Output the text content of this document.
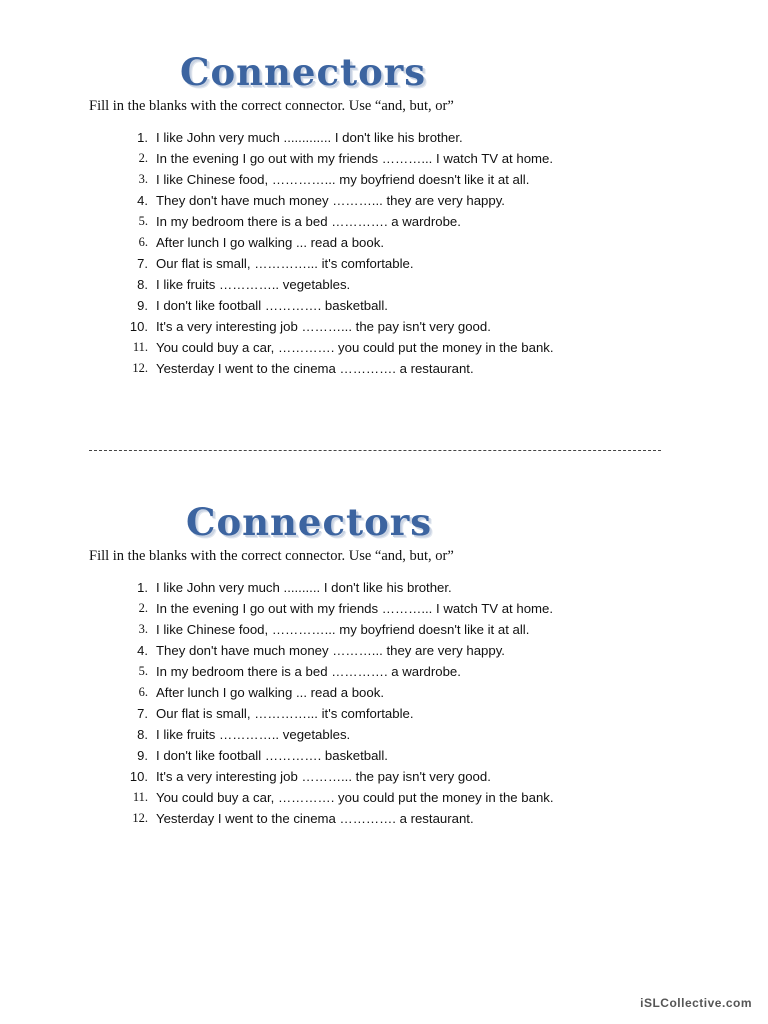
Connectors

Fill in the blanks with the correct connector. Use “and, but, or”

1. I like John very much ............. I don't like his brother.
2. In the evening I go out with my friends ………... I watch TV at home.
3. I like Chinese food, …………... my boyfriend doesn't like it at all.
4. They don't have much money ………... they are very happy.
5. In my bedroom there is a bed …………. a wardrobe.
6. After lunch I go walking ... read a book.
7. Our flat is small, …………... it's comfortable.
8. I like fruits ………….. vegetables.
9. I don't like football …………. basketball.
10. It's a very interesting job ………... the pay isn't very good.
11. You could buy a car, …………. you could put the money in the bank.
12. Yesterday I went to the cinema …………. a restaurant.
Connectors

Fill in the blanks with the correct connector. Use “and, but, or”

1. I like John very much .......... I don't like his brother.
2. In the evening I go out with my friends ………... I watch TV at home.
3. I like Chinese food, …………... my boyfriend doesn't like it at all.
4. They don't have much money ………... they are very happy.
5. In my bedroom there is a bed …………. a wardrobe.
6. After lunch I go walking ... read a book.
7. Our flat is small, …………... it's comfortable.
8. I like fruits ………….. vegetables.
9. I don't like football …………. basketball.
10. It's a very interesting job ………... the pay isn't very good.
11. You could buy a car, …………. you could put the money in the bank.
12. Yesterday I went to the cinema …………. a restaurant.
iSLCollective.com
